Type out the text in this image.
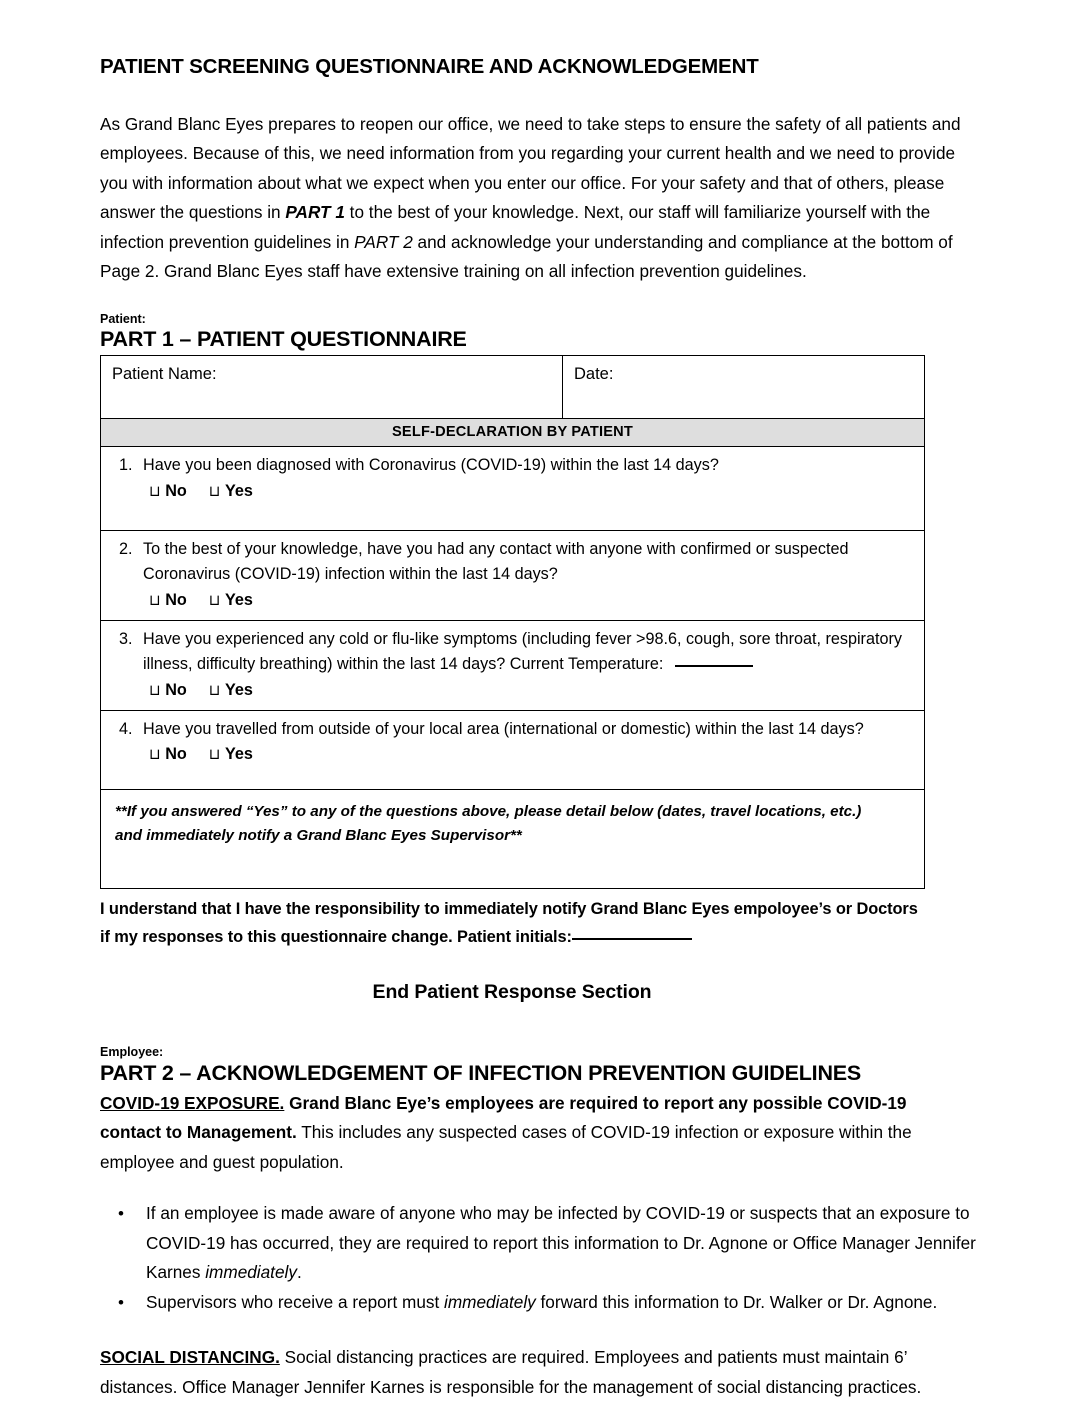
PATIENT SCREENING QUESTIONNAIRE AND ACKNOWLEDGEMENT

As Grand Blanc Eyes prepares to reopen our office, we need to take steps to ensure the safety of all patients and employees. Because of this, we need information from you regarding your current health and we need to provide you with information about what we expect when you enter our office. For your safety and that of others, please answer the questions in PART 1 to the best of your knowledge. Next, our staff will familiarize yourself with the infection prevention guidelines in PART 2 and acknowledge your understanding and compliance at the bottom of Page 2. Grand Blanc Eyes staff have extensive training on all infection prevention guidelines.

Patient:
PART 1 – PATIENT QUESTIONNAIRE
Patient Name:	Date:

SELF-DECLARATION BY PATIENT

1. Have you been diagnosed with Coronavirus (COVID-19) within the last 14 days?
⊔ No ⊔ Yes

2. To the best of your knowledge, have you had any contact with anyone with confirmed or suspected Coronavirus (COVID-19) infection within the last 14 days?
⊔ No ⊔ Yes

3. Have you experienced any cold or flu-like symptoms (including fever >98.6, cough, sore throat, respiratory illness, difficulty breathing) within the last 14 days? Current Temperature:
⊔ No ⊔ Yes

4. Have you travelled from outside of your local area (international or domestic) within the last 14 days?
⊔ No ⊔ Yes

**If you answered “Yes” to any of the questions above, please detail below (dates, travel locations, etc.)
and immediately notify a Grand Blanc Eyes Supervisor**

I understand that I have the responsibility to immediately notify Grand Blanc Eyes empoloyee’s or Doctors if my responses to this questionnaire change. Patient initials:

End Patient Response Section
Employee:
PART 2 – ACKNOWLEDGEMENT OF INFECTION PREVENTION GUIDELINES

COVID-19 EXPOSURE. Grand Blanc Eye’s employees are required to report any possible COVID-19 contact to Management. This includes any suspected cases of COVID-19 infection or exposure within the employee and guest population.

• If an employee is made aware of anyone who may be infected by COVID-19 or suspects that an exposure to COVID-19 has occurred, they are required to report this information to Dr. Agnone or Office Manager Jennifer Karnes immediately.
• Supervisors who receive a report must immediately forward this information to Dr. Walker or Dr. Agnone.

SOCIAL DISTANCING. Social distancing practices are required. Employees and patients must maintain 6’ distances. Office Manager Jennifer Karnes is responsible for the management of social distancing practices.
